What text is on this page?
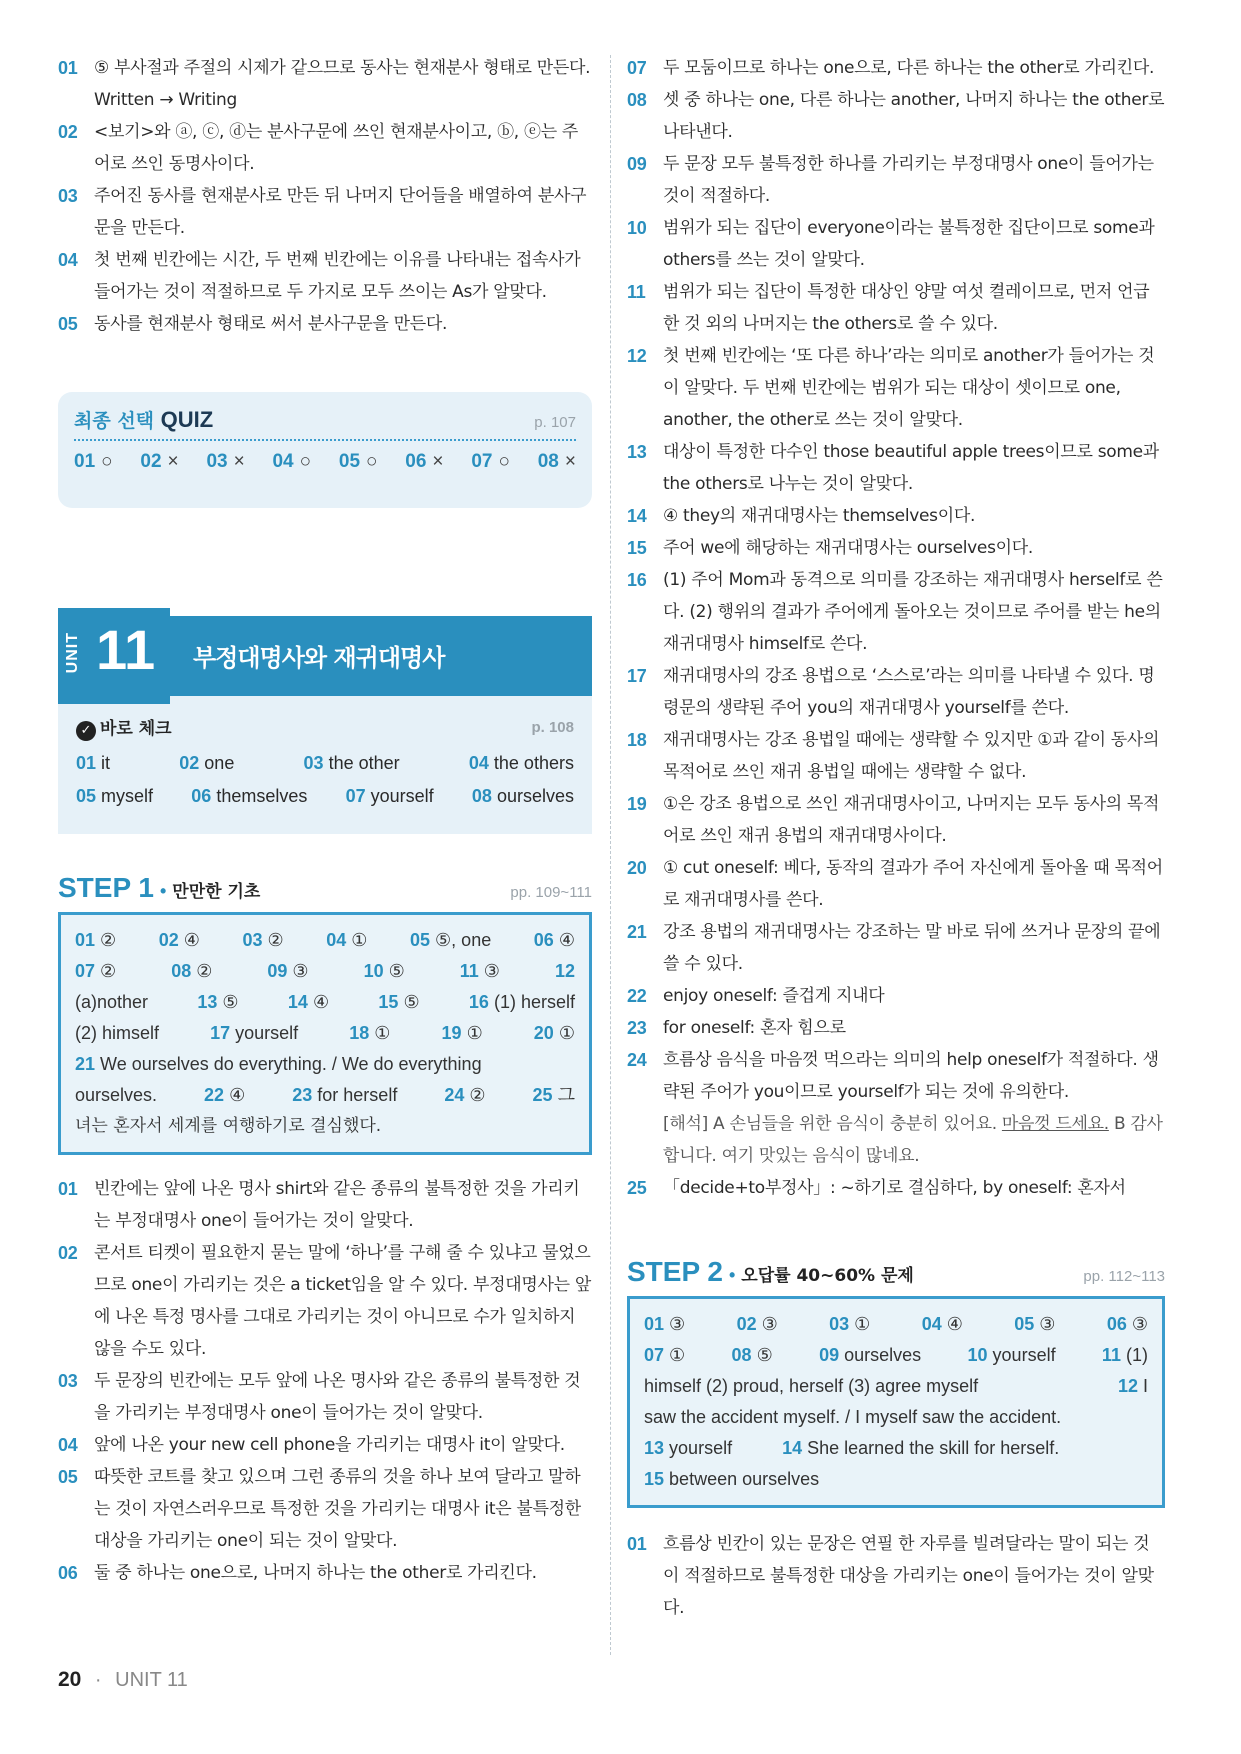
01 ⑤ 부사절과 주절의 시제가 같으므로 동사는 현재분사 형태로 만든다. Written → Writing
02 <보기>와 ⓐ, ⓒ, ⓓ는 분사구문에 쓰인 현재분사이고, ⓑ, ⓔ는 주어로 쓰인 동명사이다.
03 주어진 동사를 현재분사로 만든 뒤 나머지 단어들을 배열하여 분사구문을 만든다.
04 첫 번째 빈칸에는 시간, 두 번째 빈칸에는 이유를 나타내는 접속사가 들어가는 것이 적절하므로 두 가지로 모두 쓰이는 As가 알맞다.
05 동사를 현재분사 형태로 써서 분사구문을 만든다.
최종 선택 QUIZ	p. 107
01 ○ 02 × 03 × 04 ○ 05 ○ 06 × 07 ○ 08 ×
UNIT 11 부정대명사와 재귀대명사
✓ 바로 체크	p. 108
01 it	02 one	03 the other	04 the others
05 myself 06 themselves 07 yourself 08 ourselves
STEP 1 • 만만한 기초	pp. 109~111
01 ② 02 ④ 03 ② 04 ① 05 ⑤, one 06 ④
07 ②	08 ②	09 ③	10 ⑤	11 ③	12
(a)nother	13 ⑤	14 ④	15 ⑤	16 (1) herself
(2) himself	17 yourself	18 ①	19 ①	20 ①
21 We ourselves do everything. / We do everything
ourselves.	22 ④	23 for herself	24 ②	25 그
녀는 혼자서 세계를 여행하기로 결심했다.
01 빈칸에는 앞에 나온 명사 shirt와 같은 종류의 불특정한 것을 가리키는 부정대명사 one이 들어가는 것이 알맞다.
02 콘서트 티켓이 필요한지 묻는 말에 ‘하나’를 구해 줄 수 있냐고 물었으므로 one이 가리키는 것은 a ticket임을 알 수 있다. 부정대명사는 앞에 나온 특정 명사를 그대로 가리키는 것이 아니므로 수가 일치하지 않을 수도 있다.
03 두 문장의 빈칸에는 모두 앞에 나온 명사와 같은 종류의 불특정한 것을 가리키는 부정대명사 one이 들어가는 것이 알맞다.
04 앞에 나온 your new cell phone을 가리키는 대명사 it이 알맞다.
05 따뜻한 코트를 찾고 있으며 그런 종류의 것을 하나 보여 달라고 말하는 것이 자연스러우므로 특정한 것을 가리키는 대명사 it은 불특정한 대상을 가리키는 one이 되는 것이 알맞다.
06 둘 중 하나는 one으로, 나머지 하나는 the other로 가리킨다.
07 두 모둠이므로 하나는 one으로, 다른 하나는 the other로 가리킨다.
08 셋 중 하나는 one, 다른 하나는 another, 나머지 하나는 the other로 나타낸다.
09 두 문장 모두 불특정한 하나를 가리키는 부정대명사 one이 들어가는 것이 적절하다.
10 범위가 되는 집단이 everyone이라는 불특정한 집단이므로 some과 others를 쓰는 것이 알맞다.
11	범위가 되는 집단이 특정한 대상인 양말 여섯 켤레이므로, 먼저 언급한 것 외의 나머지는 the others로 쓸 수 있다.
12 첫 번째 빈칸에는 ‘또 다른 하나’라는 의미로 another가 들어가는 것이 알맞다. 두 번째 빈칸에는 범위가 되는 대상이 셋이므로 one, another, the other로 쓰는 것이 알맞다.
13 대상이 특정한 다수인 those beautiful apple trees이므로 some과 the others로 나누는 것이 알맞다.
14 ④ they의 재귀대명사는 themselves이다.
15 주어 we에 해당하는 재귀대명사는 ourselves이다.
16 (1) 주어 Mom과 동격으로 의미를 강조하는 재귀대명사 herself로 쓴다. (2) 행위의 결과가 주어에게 돌아오는 것이므로 주어를 받는 he의 재귀대명사 himself로 쓴다.
17 재귀대명사의 강조 용법으로 ‘스스로’라는 의미를 나타낼 수 있다. 명령문의 생략된 주어 you의 재귀대명사 yourself를 쓴다.
18 재귀대명사는 강조 용법일 때에는 생략할 수 있지만 ①과 같이 동사의 목적어로 쓰인 재귀 용법일 때에는 생략할 수 없다.
19 ①은 강조 용법으로 쓰인 재귀대명사이고, 나머지는 모두 동사의 목적어로 쓰인 재귀 용법의 재귀대명사이다.
20 ① cut oneself: 베다, 동작의 결과가 주어 자신에게 돌아올 때 목적어로 재귀대명사를 쓴다.
21 강조 용법의 재귀대명사는 강조하는 말 바로 뒤에 쓰거나 문장의 끝에 쓸 수 있다.
22 enjoy oneself: 즐겁게 지내다
23 for oneself: 혼자 힘으로
24 흐름상 음식을 마음껏 먹으라는 의미의 help oneself가 적절하다. 생략된 주어가 you이므로 yourself가 되는 것에 유의한다.
[해석] A 손님들을 위한 음식이 충분히 있어요. 마음껏 드세요. B 감사합니다. 여기 맛있는 음식이 많네요.
25 「decide+to부정사」: ~하기로 결심하다, by oneself: 혼자서
STEP 2 • 오답률 40~60% 문제	pp. 112~113
01 ③	02 ③	03 ①	04 ④	05 ③	06 ③
07 ①	08 ⑤	09 ourselves	10 yourself	11 (1)
himself (2) proud, herself (3) agree myself	12 I
saw the accident myself. / I myself saw the accident.
13 yourself	14 She learned the skill for herself.
15 between ourselves
01 흐름상 빈칸이 있는 문장은 연필 한 자루를 빌려달라는 말이 되는 것이 적절하므로 불특정한 대상을 가리키는 one이 들어가는 것이 알맞다.
20 · UNIT 11
